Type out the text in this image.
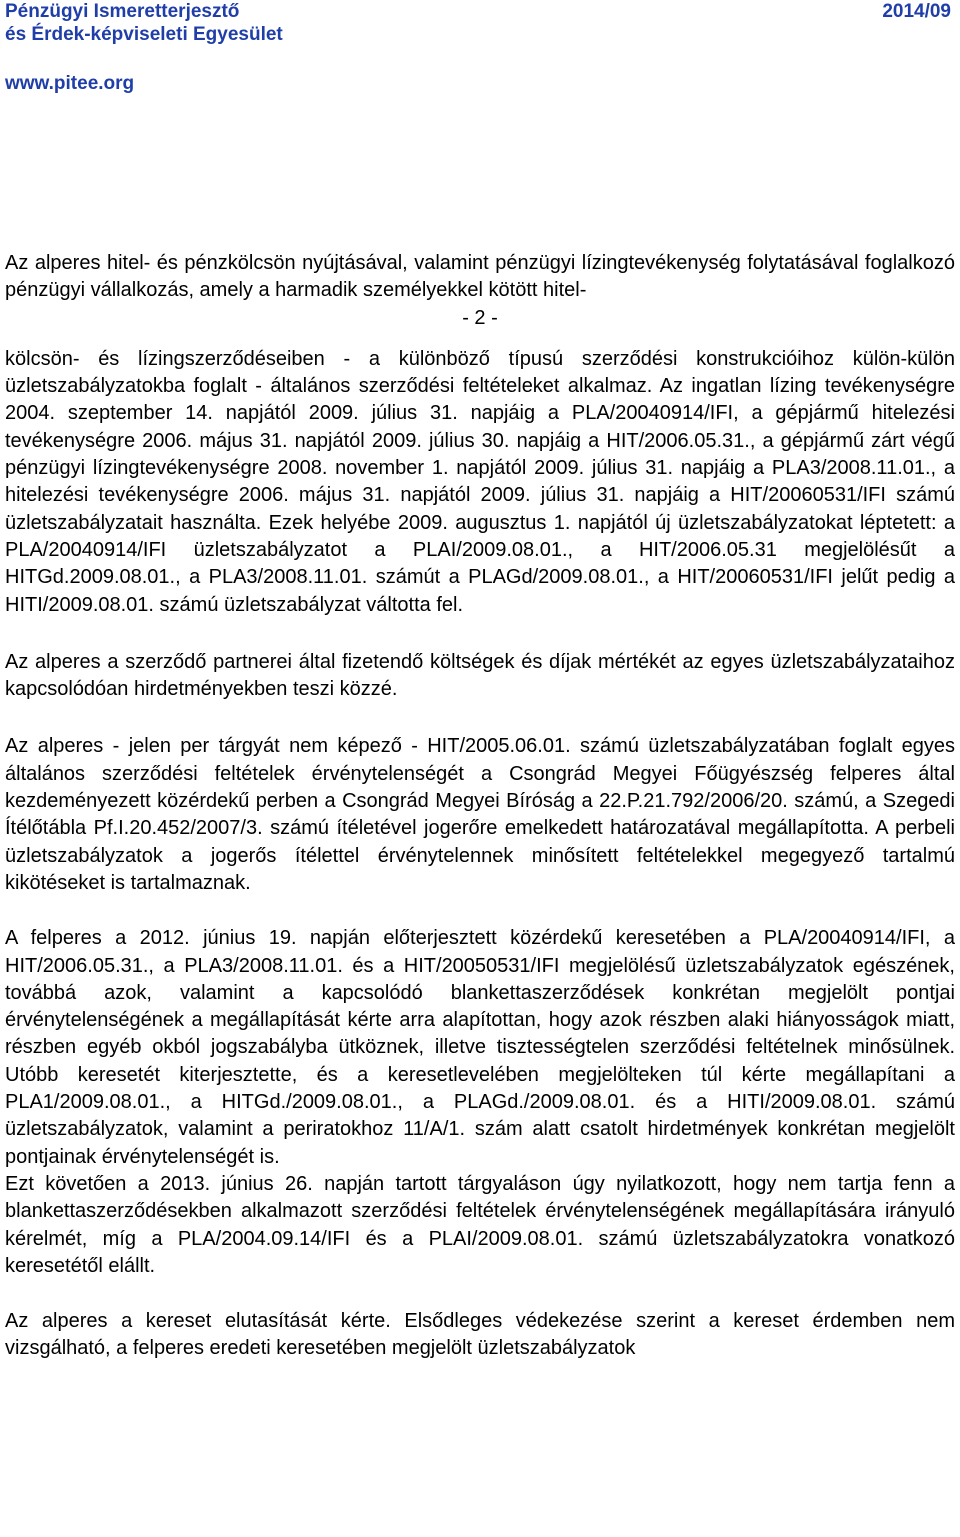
Pénzügyi Ismeretterjesztő
és Érdek-képviseleti Egyesület
2014/09
www.pitee.org

Az alperes hitel- és pénzkölcsön nyújtásával, valamint pénzügyi lízingtevékenység folytatásával foglalkozó pénzügyi vállalkozás, amely a harmadik személyekkel kötött hitel-

- 2 -

kölcsön- és lízingszerződéseiben - a különböző típusú szerződési konstrukcióihoz külön-külön üzletszabályzatokba foglalt - általános szerződési feltételeket alkalmaz. Az ingatlan lízing tevékenységre 2004. szeptember 14. napjától 2009. július 31. napjáig a PLA/20040914/IFI, a gépjármű hitelezési tevékenységre 2006. május 31. napjától 2009. július 30. napjáig a HIT/2006.05.31., a gépjármű zárt végű pénzügyi lízingtevékenységre 2008. november 1. napjától 2009. július 31. napjáig a PLA3/2008.11.01., a hitelezési tevékenységre 2006. május 31. napjától 2009. július 31. napjáig a HIT/20060531/IFI számú üzletszabályzatait használta. Ezek helyébe 2009. augusztus 1. napjától új üzletszabályzatokat léptetett: a PLA/20040914/IFI üzletszabályzatot a PLAI/2009.08.01., a HIT/2006.05.31 megjelölésűt a HITGd.2009.08.01., a PLA3/2008.11.01. számút a PLAGd/2009.08.01., a HIT/20060531/IFI jelűt pedig a HITI/2009.08.01. számú üzletszabályzat váltotta fel.

Az alperes a szerződő partnerei által fizetendő költségek és díjak mértékét az egyes üzletszabályzataihoz kapcsolódóan hirdetményekben teszi közzé.

Az alperes - jelen per tárgyát nem képező - HIT/2005.06.01. számú üzletszabályzatában foglalt egyes általános szerződési feltételek érvénytelenségét a Csongrád Megyei Főügyészség felperes által kezdeményezett közérdekű perben a Csongrád Megyei Bíróság a 22.P.21.792/2006/20. számú, a Szegedi Ítélőtábla Pf.I.20.452/2007/3. számú ítéletével jogerőre emelkedett határozatával megállapította. A perbeli üzletszabályzatok a jogerős ítélettel érvénytelennek minősített feltételekkel megegyező tartalmú kikötéseket is tartalmaznak.

A felperes a 2012. június 19. napján előterjesztett közérdekű keresetében a PLA/20040914/IFI, a HIT/2006.05.31., a PLA3/2008.11.01. és a HIT/20050531/IFI megjelölésű üzletszabályzatok egészének, továbbá azok, valamint a kapcsolódó blankettaszerződések konkrétan megjelölt pontjai érvénytelenségének a megállapítását kérte arra alapítottan, hogy azok részben alaki hiányosságok miatt, részben egyéb okból jogszabályba ütköznek, illetve tisztességtelen szerződési feltételnek minősülnek. Utóbb keresetét kiterjesztette, és a keresetlevelében megjelölteken túl kérte megállapítani a PLA1/2009.08.01., a HITGd./2009.08.01., a PLAGd./2009.08.01. és a HITI/2009.08.01. számú üzletszabályzatok, valamint a periratokhoz 11/A/1. szám alatt csatolt hirdetmények konkrétan megjelölt pontjainak érvénytelenségét is.

Ezt követően a 2013. június 26. napján tartott tárgyaláson úgy nyilatkozott, hogy nem tartja fenn a blankettaszerződésekben alkalmazott szerződési feltételek érvénytelenségének megállapítására irányuló kérelmét, míg a PLA/2004.09.14/IFI és a PLAI/2009.08.01. számú üzletszabályzatokra vonatkozó keresetétől elállt.

Az alperes a kereset elutasítását kérte. Elsődleges védekezése szerint a kereset érdemben nem vizsgálható, a felperes eredeti keresetében megjelölt üzletszabályzatok
